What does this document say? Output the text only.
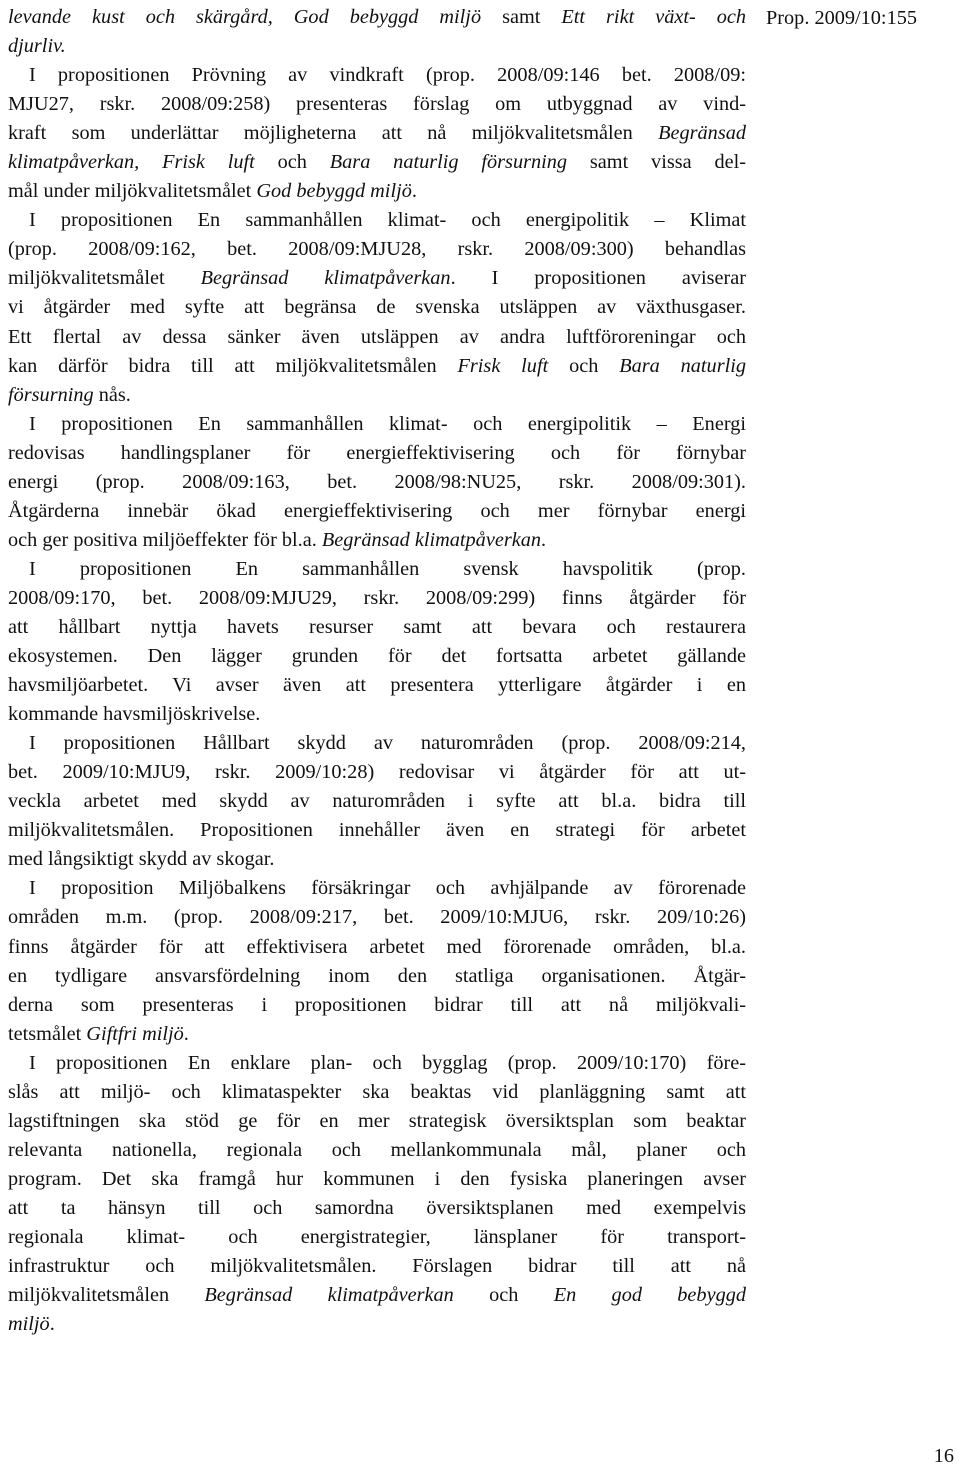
levande kust och skärgård, God bebyggd miljö samt Ett rikt växt- och
djurliv.
I propositionen Prövning av vindkraft (prop. 2008/09:146 bet. 2008/09:
MJU27, rskr. 2008/09:258) presenteras förslag om utbyggnad av vind-
kraft som underlättar möjligheterna att nå miljökvalitetsmålen Begränsad
klimatpåverkan, Frisk luft och Bara naturlig försurning samt vissa del-
mål under miljökvalitetsmålet God bebyggd miljö.
I propositionen En sammanhållen klimat- och energipolitik – Klimat
(prop. 2008/09:162, bet. 2008/09:MJU28, rskr. 2008/09:300) behandlas
miljökvalitetsmålet Begränsad klimatpåverkan. I propositionen aviserar
vi åtgärder med syfte att begränsa de svenska utsläppen av växthusgaser.
Ett flertal av dessa sänker även utsläppen av andra luftföroreningar och
kan därför bidra till att miljökvalitetsmålen Frisk luft och Bara naturlig
försurning nås.
I propositionen En sammanhållen klimat- och energipolitik – Energi
redovisas handlingsplaner för energieffektivisering och för förnybar
energi (prop. 2008/09:163, bet. 2008/98:NU25, rskr. 2008/09:301).
Åtgärderna innebär ökad energieffektivisering och mer förnybar energi
och ger positiva miljöeffekter för bl.a. Begränsad klimatpåverkan.
I propositionen En sammanhållen svensk havspolitik (prop.
2008/09:170, bet. 2008/09:MJU29, rskr. 2008/09:299) finns åtgärder för
att hållbart nyttja havets resurser samt att bevara och restaurera
ekosystemen. Den lägger grunden för det fortsatta arbetet gällande
havsmiljöarbetet. Vi avser även att presentera ytterligare åtgärder i en
kommande havsmiljöskrivelse.
I propositionen Hållbart skydd av naturområden (prop. 2008/09:214,
bet. 2009/10:MJU9, rskr. 2009/10:28) redovisar vi åtgärder för att ut-
veckla arbetet med skydd av naturområden i syfte att bl.a. bidra till
miljökvalitetsmålen. Propositionen innehåller även en strategi för arbetet
med långsiktigt skydd av skogar.
I proposition Miljöbalkens försäkringar och avhjälpande av förorenade
områden m.m. (prop. 2008/09:217, bet. 2009/10:MJU6, rskr. 209/10:26)
finns åtgärder för att effektivisera arbetet med förorenade områden, bl.a.
en tydligare ansvarsfördelning inom den statliga organisationen. Åtgär-
derna som presenteras i propositionen bidrar till att nå miljökvali-
tetsmålet Giftfri miljö.
I propositionen En enklare plan- och bygglag (prop. 2009/10:170) före-
slås att miljö- och klimataspekter ska beaktas vid planläggning samt att
lagstiftningen ska stöd ge för en mer strategisk översiktsplan som beaktar
relevanta nationella, regionala och mellankommunala mål, planer och
program. Det ska framgå hur kommunen i den fysiska planeringen avser
att ta hänsyn till och samordna översiktsplanen med exempelvis
regionala klimat- och energistrategier, länsplaner för transport-
infrastruktur och miljökvalitetsmålen. Förslagen bidrar till att nå
miljökvalitetsmålen Begränsad klimatpåverkan och En god bebyggd
miljö.
Prop. 2009/10:155
16
